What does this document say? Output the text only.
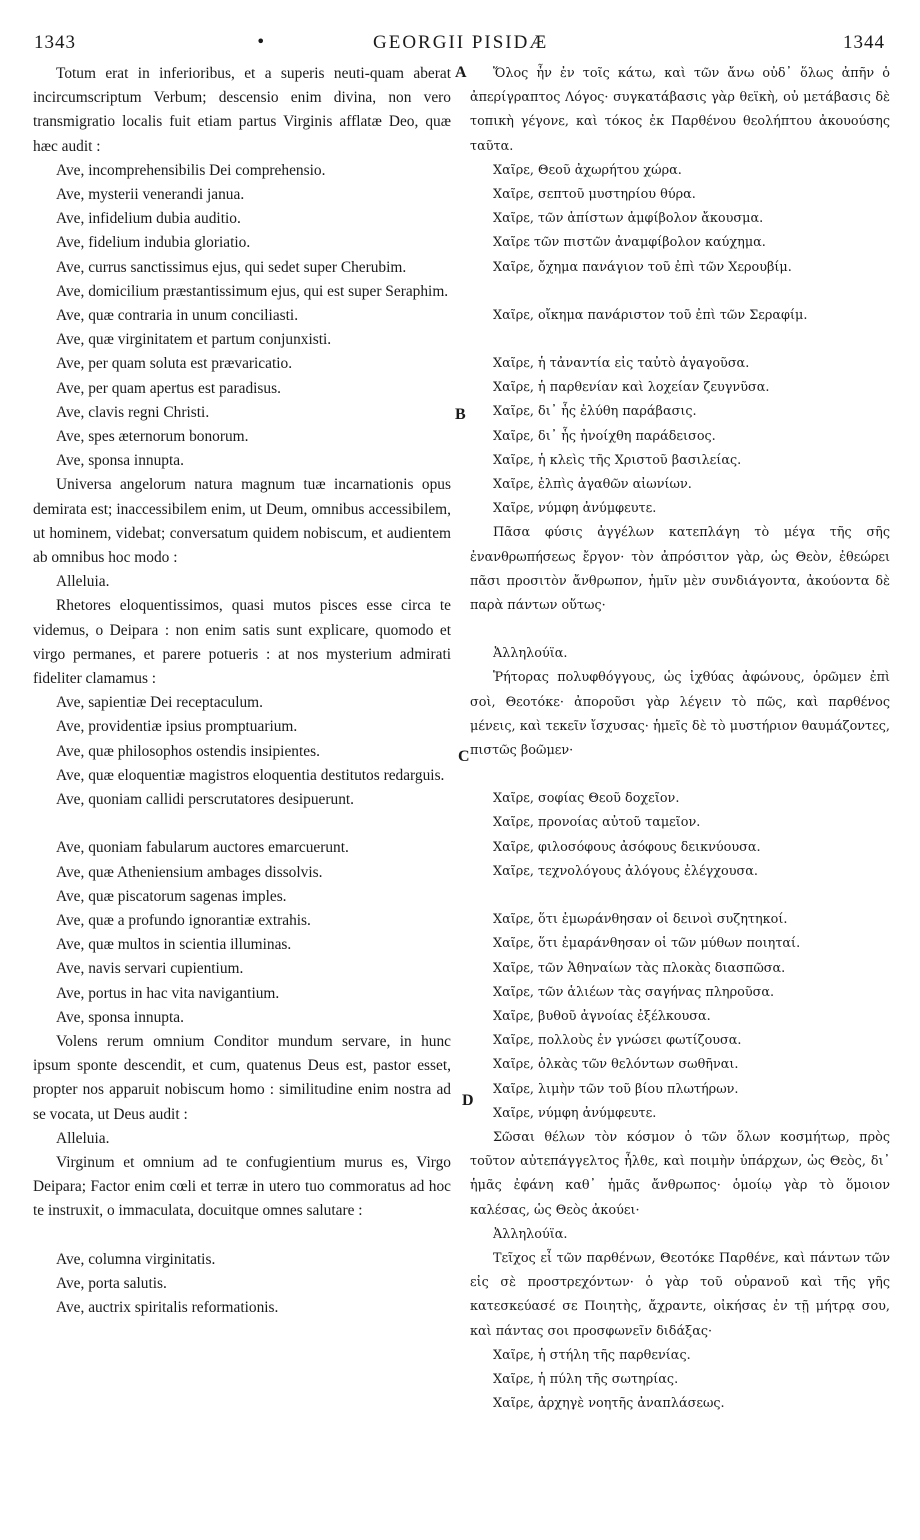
1343	•	GEORGII PISIDÆ	1344
A
B
C
D

Totum erat in inferioribus, et a superis neuti-quam aberat incircumscriptum Verbum; descensio enim divina, non vero transmigratio localis fuit etiam partus Virginis afflatæ Deo, quæ hæc audit :

Ave, incomprehensibilis Dei comprehensio.

Ave, mysterii venerandi janua.

Ave, infidelium dubia auditio.

Ave, fidelium indubia gloriatio.

Ave, currus sanctissimus ejus, qui sedet super Cherubim.

Ave, domicilium præstantissimum ejus, qui est super Seraphim.

Ave, quæ contraria in unum conciliasti.

Ave, quæ virginitatem et partum conjunxisti.

Ave, per quam soluta est prævaricatio.

Ave, per quam apertus est paradisus.

Ave, clavis regni Christi.

Ave, spes æternorum bonorum.

Ave, sponsa innupta.

Universa angelorum natura magnum tuæ incarnationis opus demirata est; inaccessibilem enim, ut Deum, omnibus accessibilem, ut hominem, videbat; conversatum quidem nobiscum, et audientem ab omnibus hoc modo :

Alleluia.

Rhetores eloquentissimos, quasi mutos pisces esse circa te videmus, o Deipara : non enim satis sunt explicare, quomodo et virgo permanes, et parere potueris : at nos mysterium admirati fideliter clamamus :

Ave, sapientiæ Dei receptaculum.

Ave, providentiæ ipsius promptuarium.

Ave, quæ philosophos ostendis insipientes.

Ave, quæ eloquentiæ magistros eloquentia destitutos redarguis.

Ave, quoniam callidi perscrutatores desipuerunt.

Ave, quoniam fabularum auctores emarcuerunt.

Ave, quæ Atheniensium ambages dissolvis.

Ave, quæ piscatorum sagenas imples.

Ave, quæ a profundo ignorantiæ extrahis.

Ave, quæ multos in scientia illuminas.

Ave, navis servari cupientium.

Ave, portus in hac vita navigantium.

Ave, sponsa innupta.

Volens rerum omnium Conditor mundum servare, in hunc ipsum sponte descendit, et cum, quatenus Deus est, pastor esset, propter nos apparuit nobiscum homo : similitudine enim nostra ad se vocata, ut Deus audit :

Alleluia.

Virginum et omnium ad te confugientium murus es, Virgo Deipara; Factor enim cœli et terræ in utero tuo commoratus ad hoc te instruxit, o immaculata, docuitque omnes salutare :

Ave, columna virginitatis.

Ave, porta salutis.

Ave, auctrix spiritalis reformationis.

Ὅλος ἦν ἐν τοῖς κάτω, καὶ τῶν ἄνω οὐδ᾽ ὅλως ἀπῆν ὁ ἀπερίγραπτος Λόγος· συγκατάβασις γὰρ θεϊκὴ, οὐ μετάβασις δὲ τοπικὴ γέγονε, καὶ τόκος ἐκ Παρθένου θεολήπτου ἀκουούσης ταῦτα.

Χαῖρε, Θεοῦ ἀχωρήτου χώρα.

Χαῖρε, σεπτοῦ μυστηρίου θύρα.

Χαῖρε, τῶν ἀπίστων ἀμφίβολον ἄκουσμα.

Χαῖρε τῶν πιστῶν ἀναμφίβολον καύχημα.

Χαῖρε, ὄχημα πανάγιον τοῦ ἐπὶ τῶν Χερουβίμ.

Χαῖρε, οἴκημα πανάριστον τοῦ ἐπὶ τῶν Σεραφίμ.

Χαῖρε, ἡ τἀναντία εἰς ταὐτὸ ἀγαγοῦσα.

Χαῖρε, ἡ παρθενίαν καὶ λοχείαν ζευγνῦσα.

Χαῖρε, δι᾽ ἧς ἐλύθη παράβασις.

Χαῖρε, δι᾽ ἧς ἠνοίχθη παράδεισος.

Χαῖρε, ἡ κλεὶς τῆς Χριστοῦ βασιλείας.

Χαῖρε, ἐλπὶς ἀγαθῶν αἰωνίων.

Χαῖρε, νύμφη ἀνύμφευτε.

Πᾶσα φύσις ἀγγέλων κατεπλάγη τὸ μέγα τῆς σῆς ἐνανθρωπήσεως ἔργον· τὸν ἀπρόσιτον γὰρ, ὡς Θεὸν, ἐθεώρει πᾶσι προσιτὸν ἄνθρωπον, ἡμῖν μὲν συνδιάγοντα, ἀκούοντα δὲ παρὰ πάντων οὕτως·

Ἀλληλούϊα.

Ῥήτορας πολυφθόγγους, ὡς ἰχθύας ἀφώνους, ὁρῶμεν ἐπὶ σοὶ, Θεοτόκε· ἀποροῦσι γὰρ λέγειν τὸ πῶς, καὶ παρθένος μένεις, καὶ τεκεῖν ἴσχυσας· ἡμεῖς δὲ τὸ μυστήριον θαυμάζοντες, πιστῶς βοῶμεν·

Χαῖρε, σοφίας Θεοῦ δοχεῖον.

Χαῖρε, προνοίας αὐτοῦ ταμεῖον.

Χαῖρε, φιλοσόφους ἀσόφους δεικνύουσα.

Χαῖρε, τεχνολόγους ἀλόγους ἐλέγχουσα.

Χαῖρε, ὅτι ἐμωράνθησαν οἱ δεινοὶ συζητηκοί.

Χαῖρε, ὅτι ἐμαράνθησαν οἱ τῶν μύθων ποιηταί.

Χαῖρε, τῶν Ἀθηναίων τὰς πλοκὰς διασπῶσα.

Χαῖρε, τῶν ἁλιέων τὰς σαγήνας πληροῦσα.

Χαῖρε, βυθοῦ ἀγνοίας ἐξέλκουσα.

Χαῖρε, πολλοὺς ἐν γνώσει φωτίζουσα.

Χαῖρε, ὁλκὰς τῶν θελόντων σωθῆναι.

Χαῖρε, λιμὴν τῶν τοῦ βίου πλωτήρων.

Χαῖρε, νύμφη ἀνύμφευτε.

Σῶσαι θέλων τὸν κόσμον ὁ τῶν ὅλων κοσμήτωρ, πρὸς τοῦτον αὐτεπάγγελτος ἦλθε, καὶ ποιμὴν ὑπάρχων, ὡς Θεὸς, δι᾽ ἡμᾶς ἐφάνη καθ᾽ ἡμᾶς ἄνθρωπος· ὁμοίῳ γὰρ τὸ ὅμοιον καλέσας, ὡς Θεὸς ἀκούει·

Ἀλληλούϊα.

Τεῖχος εἶ τῶν παρθένων, Θεοτόκε Παρθένε, καὶ πάντων τῶν εἰς σὲ προστρεχόντων· ὁ γὰρ τοῦ οὐρανοῦ καὶ τῆς γῆς κατεσκεύασέ σε Ποιητὴς, ἄχραντε, οἰκήσας ἐν τῇ μήτρᾳ σου, καὶ πάντας σοι προσφωνεῖν διδάξας·

Χαῖρε, ἡ στήλη τῆς παρθενίας.

Χαῖρε, ἡ πύλη τῆς σωτηρίας.

Χαῖρε, ἀρχηγὲ νοητῆς ἀναπλάσεως.
